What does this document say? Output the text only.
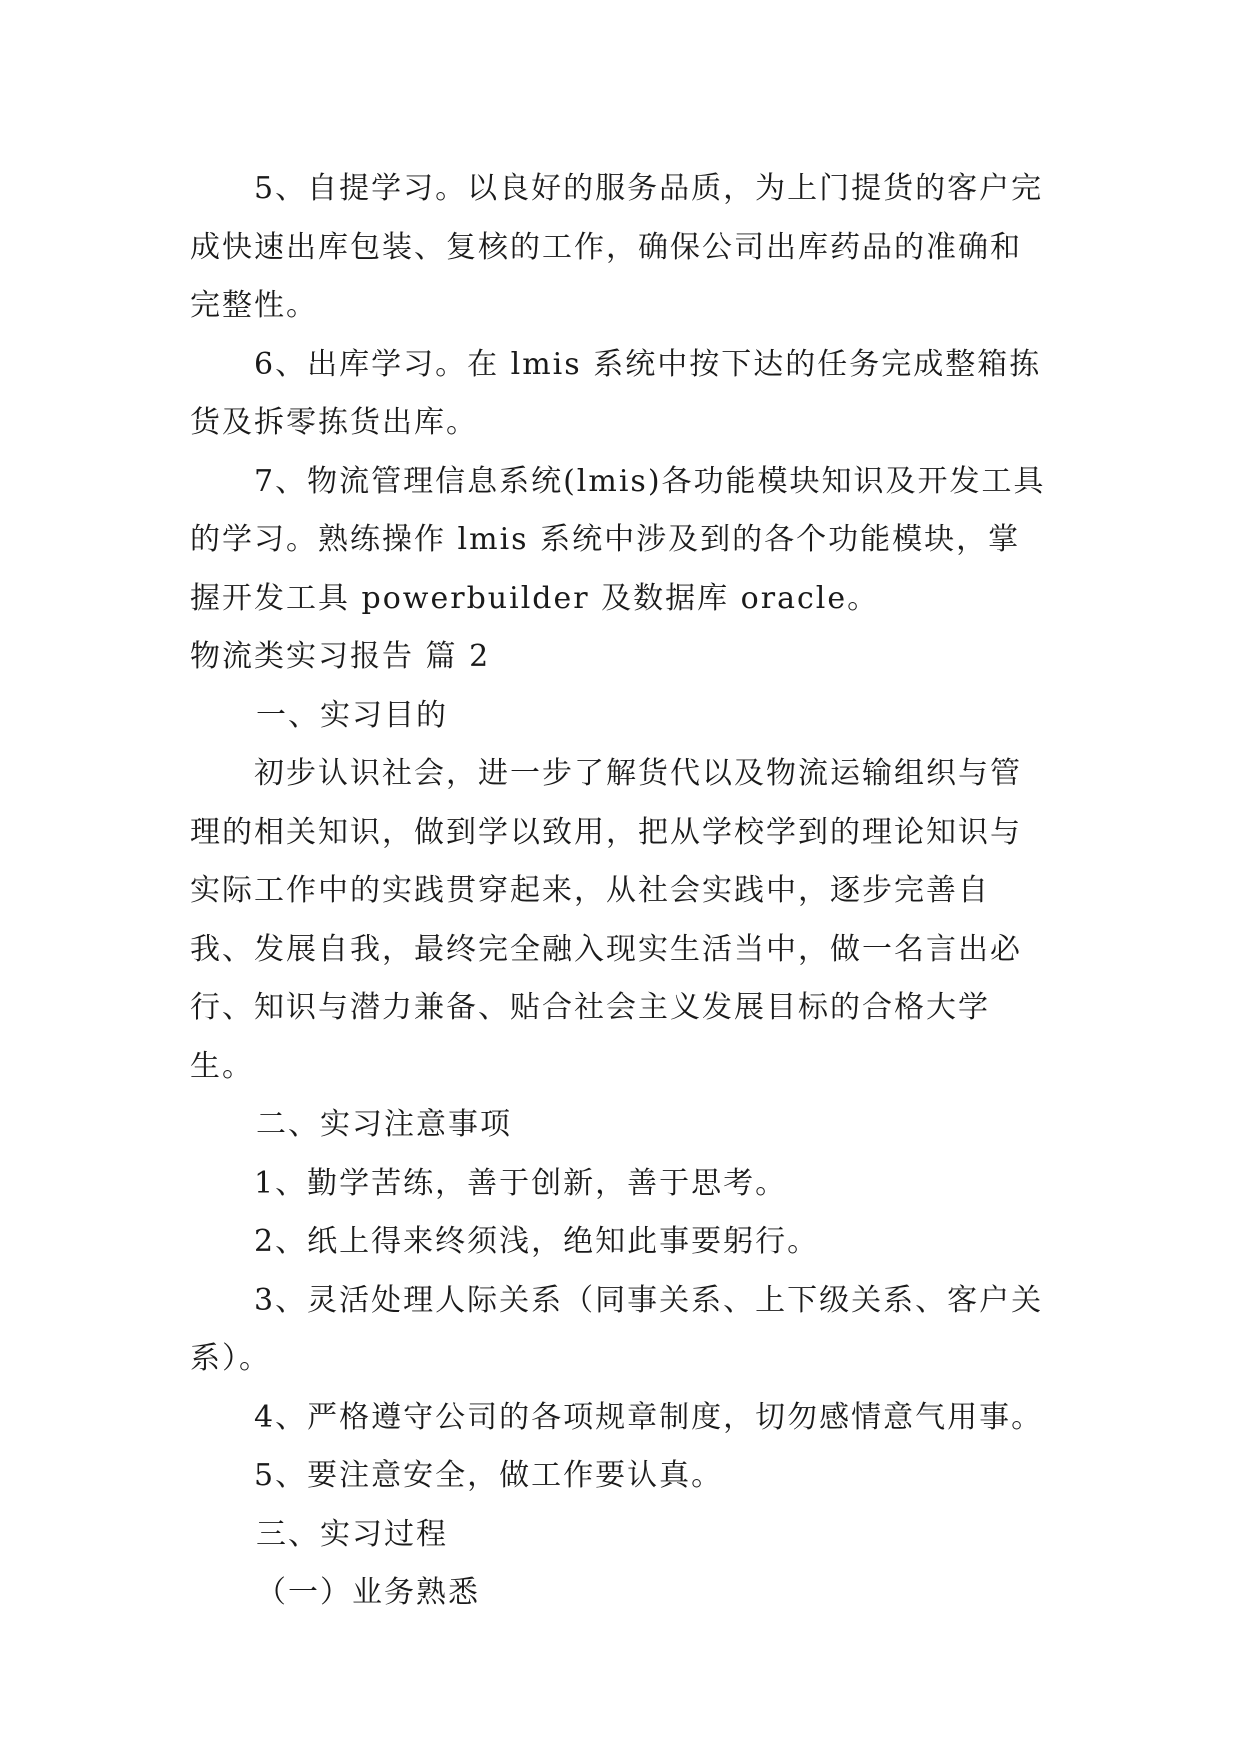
5、自提学习。以良好的服务品质，为上门提货的客户完成快速出库包装、复核的工作，确保公司出库药品的准确和完整性。

6、出库学习。在 lmis 系统中按下达的任务完成整箱拣货及拆零拣货出库。

7、物流管理信息系统(lmis)各功能模块知识及开发工具的学习。熟练操作 lmis 系统中涉及到的各个功能模块，掌握开发工具 powerbuilder 及数据库 oracle。

物流类实习报告 篇 2

一、实习目的

初步认识社会，进一步了解货代以及物流运输组织与管理的相关知识，做到学以致用，把从学校学到的理论知识与实际工作中的实践贯穿起来，从社会实践中，逐步完善自我、发展自我，最终完全融入现实生活当中，做一名言出必行、知识与潜力兼备、贴合社会主义发展目标的合格大学生。

二、实习注意事项

1、勤学苦练，善于创新，善于思考。

2、纸上得来终须浅，绝知此事要躬行。

3、灵活处理人际关系（同事关系、上下级关系、客户关系）。

4、严格遵守公司的各项规章制度，切勿感情意气用事。

5、要注意安全，做工作要认真。

三、实习过程

（一）业务熟悉
